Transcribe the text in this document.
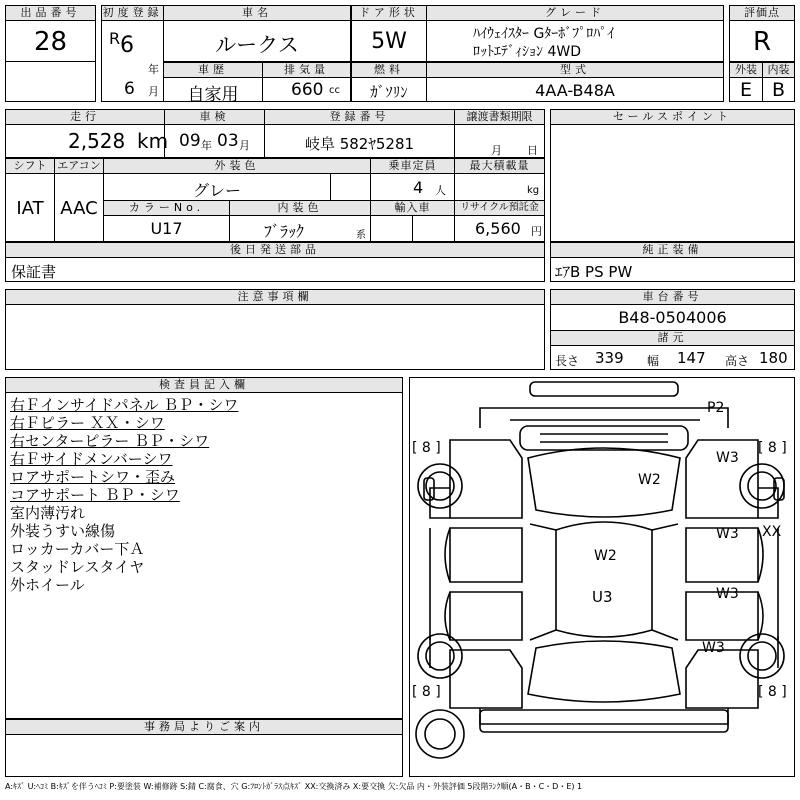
出品番号
28
初度登録
R 6
年
6 月
車名
ルークス
ドア形状
5W
グレード
ﾊｲｳｪｲｽﾀｰ Gﾀｰﾎﾞﾌﾟﾛﾊﾟｲ
ﾛｯﾄｴﾃﾞｨｼｮﾝ 4WD
評価点
R
車歴
自家用
排気量
660 cc
燃料
ｶﾞｿﾘﾝ
型式
4AA-B48A
外装 内装
E	B
走行
2,528 km
車検
09 年 03 月
登録番号
岐阜 582ﾔ5281
譲渡書類期限
月 日
セールスポイント
シフト
IAT
エアコン
AAC
外装色
グレー
乗車定員
4 人
最大積載量
kg
カラーNo.
U17
内装色
ﾌﾞﾗｯｸ	系
輸入車	リサイクル預託金
6,560 円
後日発送部品
保証書
純正装備
ｴｱB PS PW
注意事項欄	車台番号
B48-0504006
諸元
長さ 339 幅 147 高さ 180
検査員記入欄
右Ｆインサイドパネル ＢＰ・シワ
右Ｆピラー ＸＸ・シワ
右センターピラー ＢＰ・シワ
右Ｆサイドメンバーシワ
ロアサポートシワ・歪み
コアサポート ＢＰ・シワ
室内薄汚れ
外装うすい線傷
ロッカーカバー下Ａ
スタッドレスタイヤ
外ホイール
事務局よりご案内
P2
W2
W2
U3
W3
W3
W3
W3
XX
[ 8 ]	[ 8 ]
[ 8 ]	[ 8 ]
A:ｷｽﾞ U:ﾍｺﾐ B:ｷｽﾞを伴うﾍｺﾐ P:要塗装 W:補修跡 S:錆 C:腐食、穴 G:ﾌﾛﾝﾄｶﾞﾗｽ点ｷｽﾞ XX:交換済み X:要交換 欠:欠品 内・外装評価 5段階ﾗﾝｸ順(A・B・C・D・E) 1
